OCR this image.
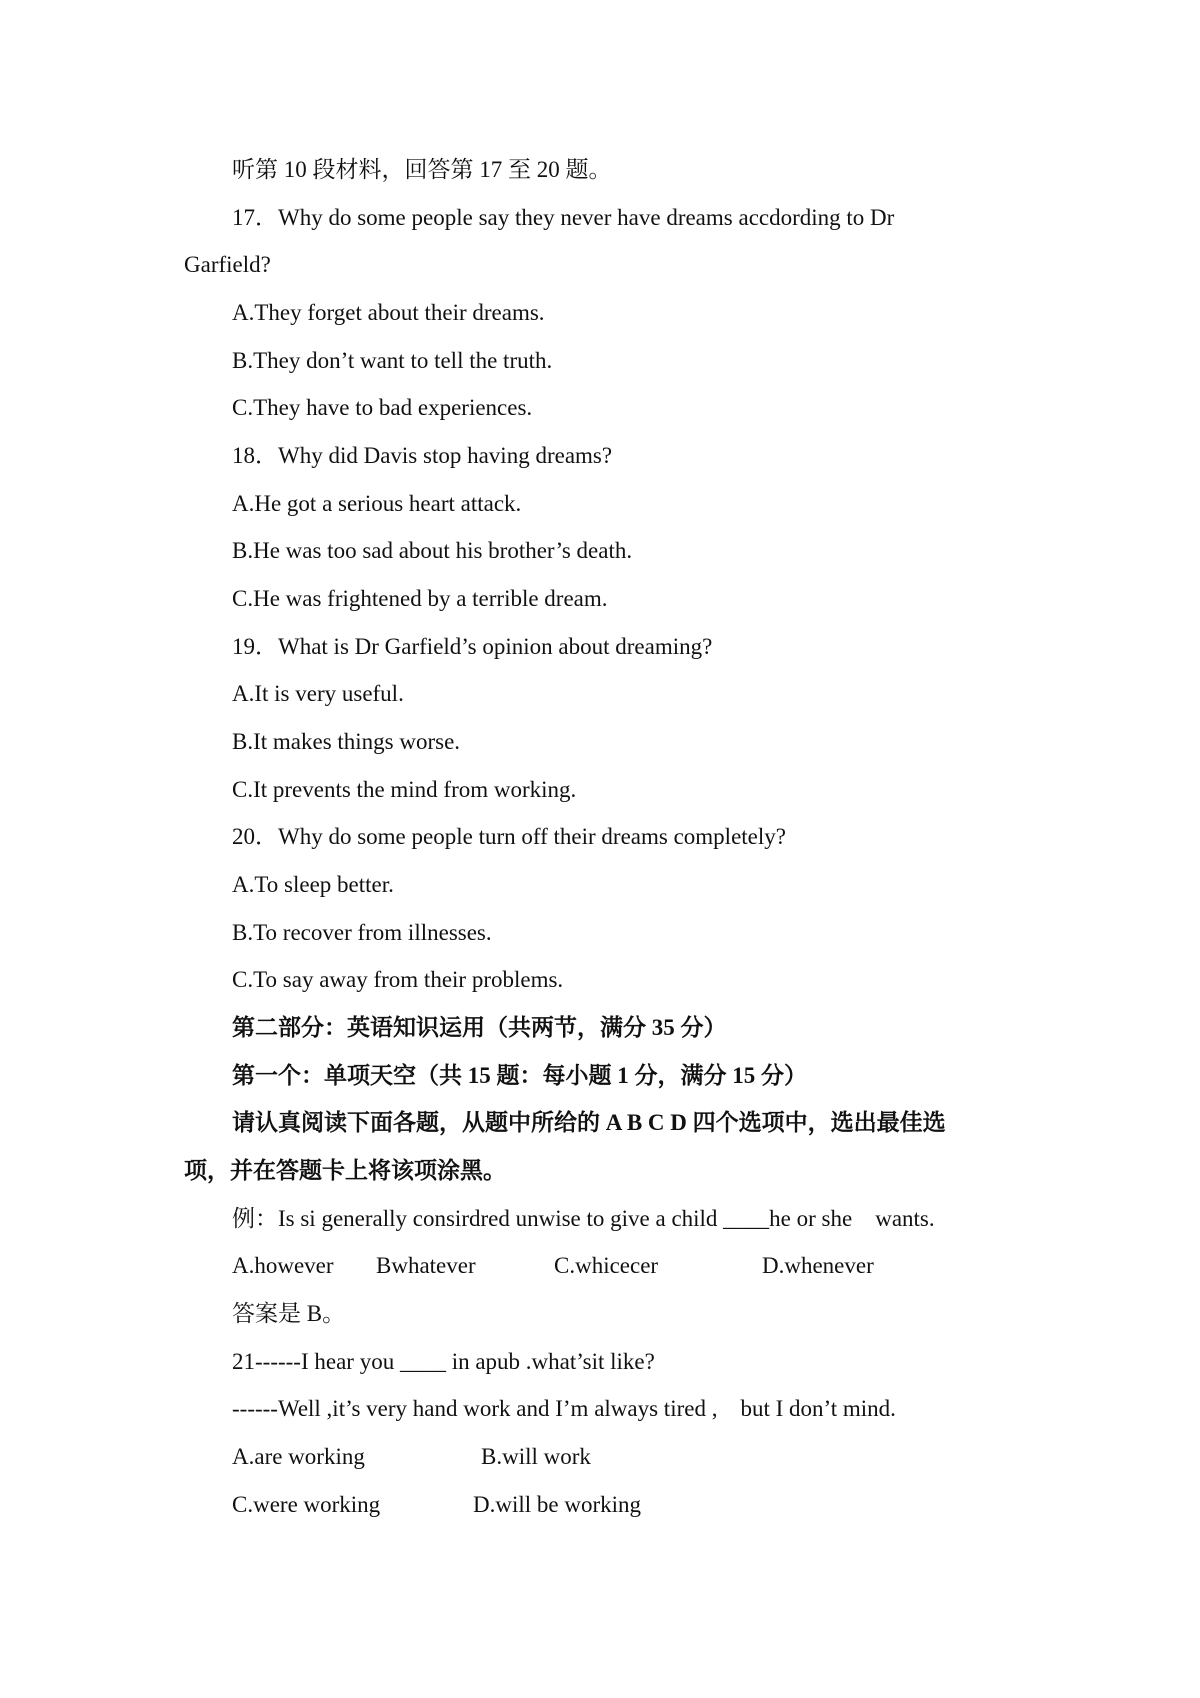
听第 10 段材料，回答第 17 至 20 题。
17．Why do some people say they never have dreams accdording to Dr
Garfield?
A.They forget about their dreams.
B.They don’t want to tell the truth.
C.They have to bad experiences.
18．Why did Davis stop having dreams?
A.He got a serious heart attack.
B.He was too sad about his brother’s death.
C.He was frightened by a terrible dream.
19．What is Dr Garfield’s opinion about dreaming?
A.It is very useful.
B.It makes things worse.
C.It prevents the mind from working.
20．Why do some people turn off their dreams completely?
A.To sleep better.
B.To recover from illnesses.
C.To say away from their problems.
第二部分：英语知识运用（共两节，满分 35 分）
第一个：单项天空（共 15 题：每小题 1 分，满分 15 分）
请认真阅读下面各题，从题中所给的 A B C D 四个选项中，选出最佳选
项，并在答题卡上将该项涂黑。
例：Is si generally consirdred unwise to give a child ____he or she    wants.
A.however Bwhatever	C.whicecer	D.whenever
答案是 B。
21------I hear you ____ in apub .what’sit like?
------Well ,it’s very hand work and I’m always tired ,    but I don’t mind.
A.are working	B.will work
C.were working	D.will be working
